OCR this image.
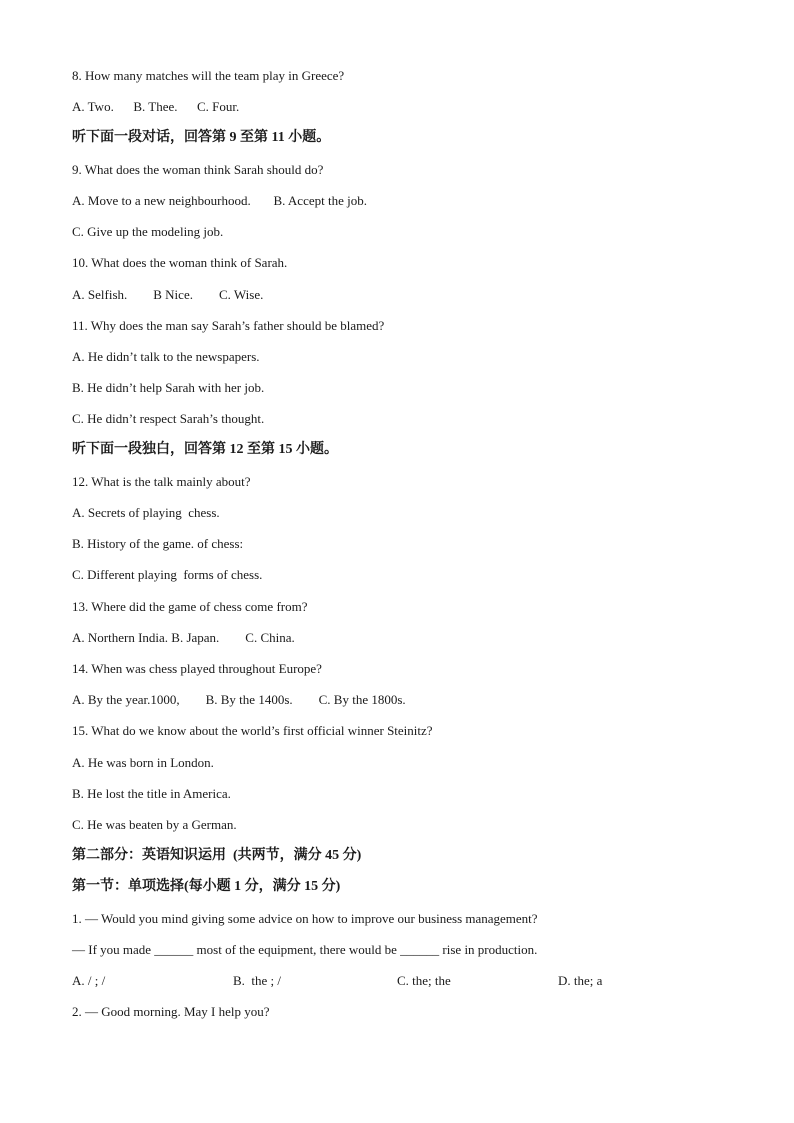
8. How many matches will the team play in Greece?
A. Two.      B. Thee.      C. Four.
听下面一段对话，回答第 9 至第 11 小题。
9. What does the woman think Sarah should do?
A. Move to a new neighbourhood.       B. Accept the job.
C. Give up the modeling job.
10. What does the woman think of Sarah.
A. Selfish.        B Nice.        C. Wise.
11. Why does the man say Sarah’s father should be blamed?
A. He didn’t talk to the newspapers.
B. He didn’t help Sarah with her job.
C. He didn’t respect Sarah’s thought.
听下面一段独白，回答第 12 至第 15 小题。
12. What is the talk mainly about?
A. Secrets of playing  chess.
B. History of the game. of chess:
C. Different playing  forms of chess.
13. Where did the game of chess come from?
A. Northern India. B. Japan.        C. China.
14. When was chess played throughout Europe?
A. By the year.1000,        B. By the 1400s.        C. By the 1800s.
15. What do we know about the world’s first official winner Steinitz?
A. He was born in London.
B. He lost the title in America.
C. He was beaten by a German.
第二部分：英语知识运用  (共两节，满分 45 分)
第一节：单项选择(每小题 1 分，满分 15 分)
1. — Would you mind giving some advice on how to improve our business management?
— If you made ______ most of the equipment, there would be ______ rise in production.
A. / ; /	B.  the ; /	C. the; the	D. the; a
2. — Good morning. May I help you?
